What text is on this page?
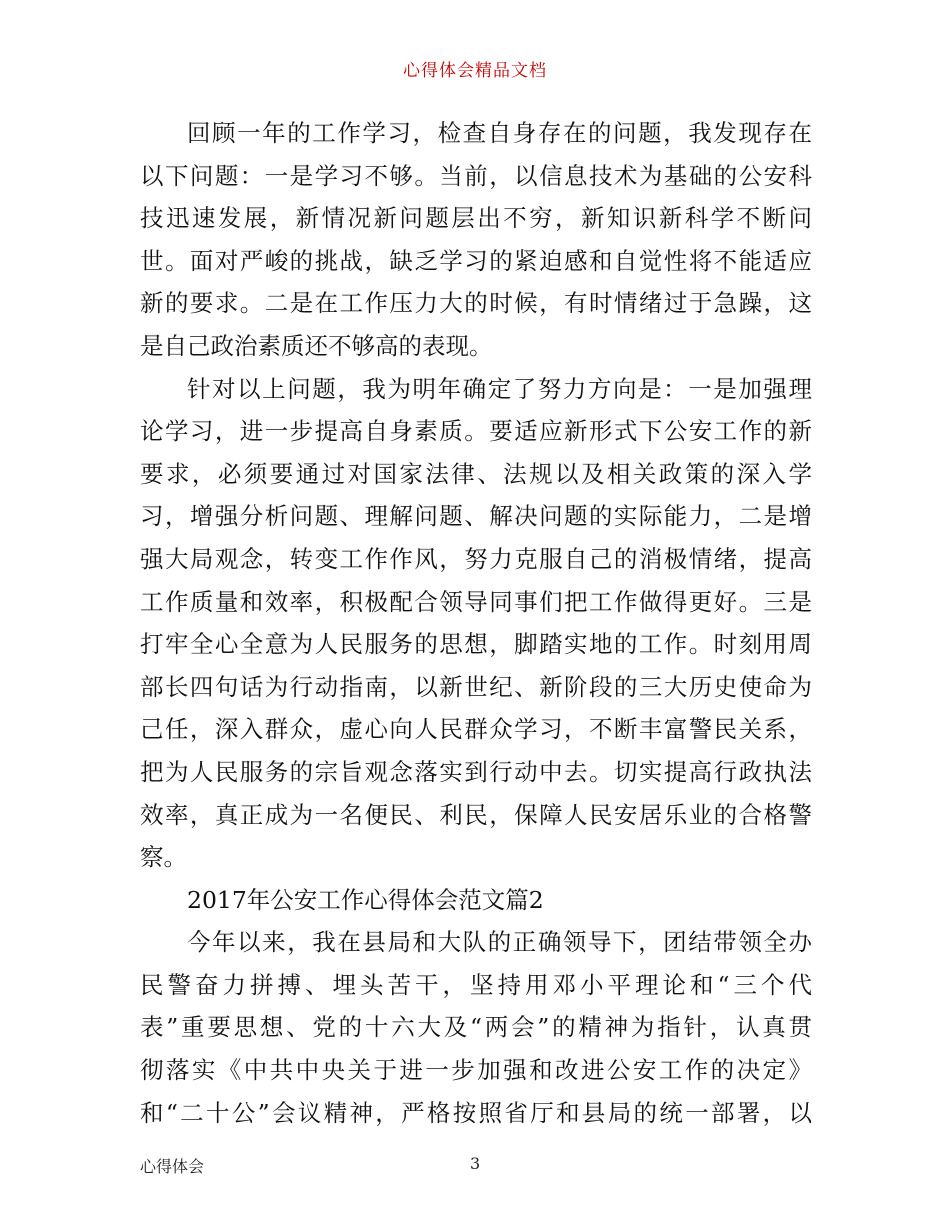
心得体会精品文档
回顾一年的工作学习，检查自身存在的问题，我发现存在
以下问题：一是学习不够。当前，以信息技术为基础的公安科
技迅速发展，新情况新问题层出不穷，新知识新科学不断问
世。面对严峻的挑战，缺乏学习的紧迫感和自觉性将不能适应
新的要求。二是在工作压力大的时候，有时情绪过于急躁，这
是自己政治素质还不够高的表现。
针对以上问题，我为明年确定了努力方向是：一是加强理
论学习，进一步提高自身素质。要适应新形式下公安工作的新
要求，必须要通过对国家法律、法规以及相关政策的深入学
习，增强分析问题、理解问题、解决问题的实际能力，二是增
强大局观念，转变工作作风，努力克服自己的消极情绪，提高
工作质量和效率，积极配合领导同事们把工作做得更好。三是
打牢全心全意为人民服务的思想，脚踏实地的工作。时刻用周
部长四句话为行动指南，以新世纪、新阶段的三大历史使命为
己任，深入群众，虚心向人民群众学习，不断丰富警民关系，
把为人民服务的宗旨观念落实到行动中去。切实提高行政执法
效率，真正成为一名便民、利民，保障人民安居乐业的合格警
察。
2017年公安工作心得体会范文篇2
今年以来，我在县局和大队的正确领导下，团结带领全办
民警奋力拼搏、埋头苦干，坚持用邓小平理论和“三个代
表”重要思想、党的十六大及“两会”的精神为指针，认真贯
彻落实《中共中央关于进一步加强和改进公安工作的决定》
和“二十公”会议精神，严格按照省厅和县局的统一部署，以
心得体会	3
